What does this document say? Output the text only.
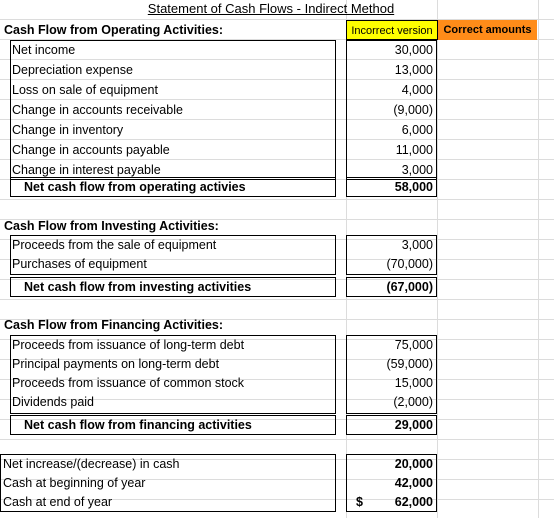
Statement of Cash Flows - Indirect Method
Incorrect version Correct amounts
Cash Flow from Operating Activities:
Net income	30,000
Depreciation expense	13,000
Loss on sale of equipment	4,000
Change in accounts receivable	(9,000)
Change in inventory	6,000
Change in accounts payable	11,000
Change in interest payable	3,000
Net cash flow from operating activies	58,000
Cash Flow from Investing Activities:
Proceeds from the sale of equipment	3,000
Purchases of equipment	(70,000)
Net cash flow from investing activities	(67,000)
Cash Flow from Financing Activities:
Proceeds from issuance of long-term debt	75,000
Principal payments on long-term debt	(59,000)
Proceeds from issuance of common stock	15,000
Dividends paid	(2,000)
Net cash flow from financing activities	29,000
Net increase/(decrease) in cash	20,000
Cash at beginning of year	42,000
Cash at end of year	$	62,000
